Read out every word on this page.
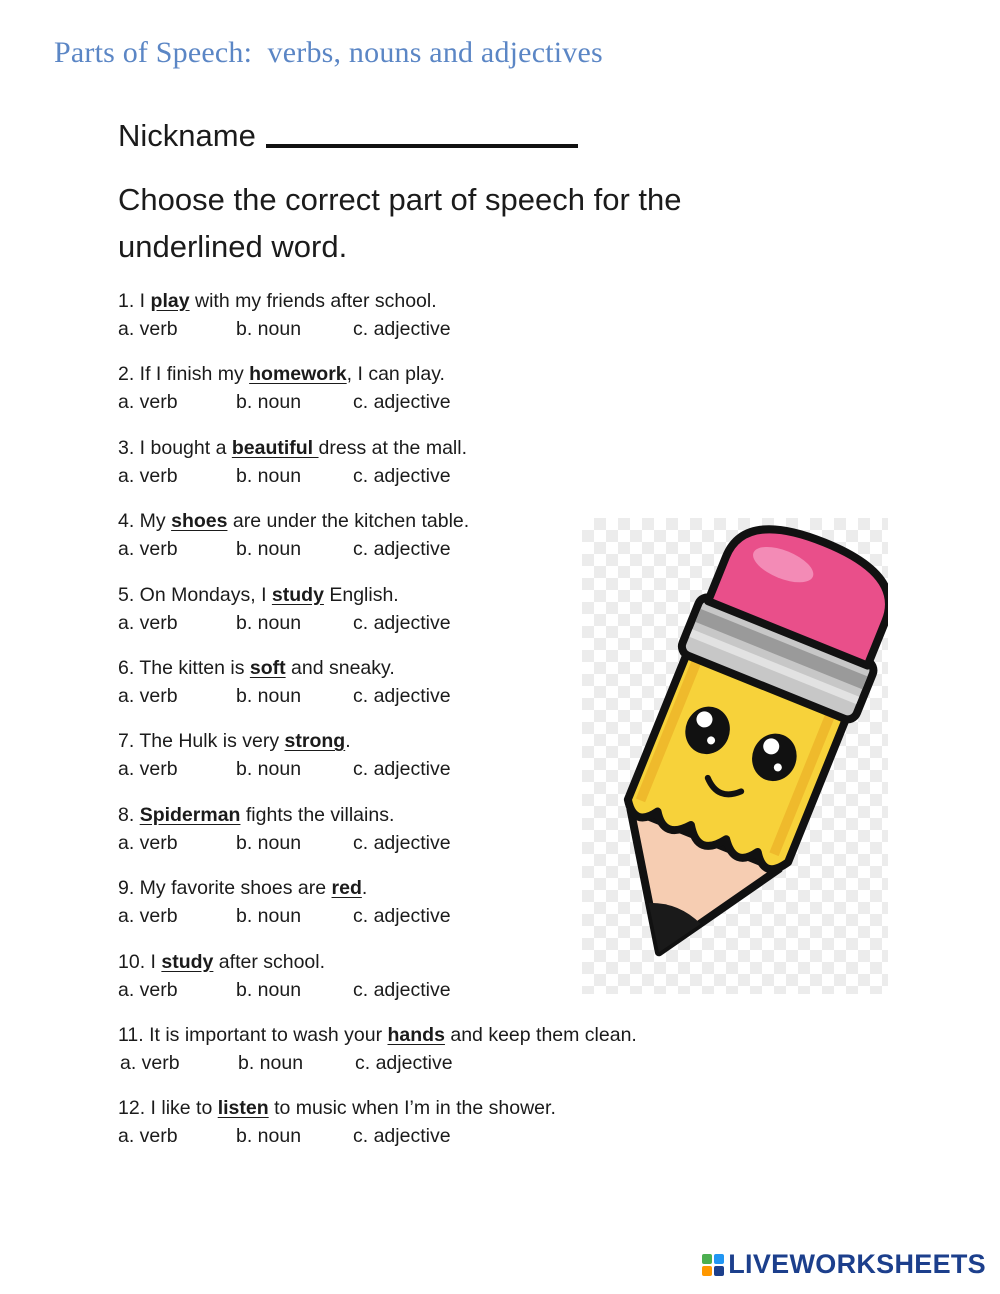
Parts of Speech:  verbs, nouns and adjectives
Nickname
Choose the correct part of speech for the underlined word.
1. I play with my friends after school.
a. verb	b. noun	c. adjective
2. If I finish my homework, I can play.
a. verb	b. noun	c. adjective
3. I bought a beautiful dress at the mall.
a. verb	b. noun	c. adjective
4. My shoes are under the kitchen table.
a. verb	b. noun	c. adjective
5. On Mondays, I study English.
a. verb	b. noun	c. adjective
6. The kitten is soft and sneaky.
a. verb	b. noun	c. adjective
7. The Hulk is very strong.
a. verb	b. noun	c. adjective
8. Spiderman fights the villains.
a. verb	b. noun	c. adjective
9. My favorite shoes are red.
a. verb	b. noun	c. adjective
10. I study after school.
a. verb	b. noun	c. adjective
11. It is important to wash your hands and keep them clean.
a. verb	b. noun	c. adjective
12. I like to listen to music when I’m in the shower.
a. verb	b. noun	c. adjective
LIVEWORKSHEETS
